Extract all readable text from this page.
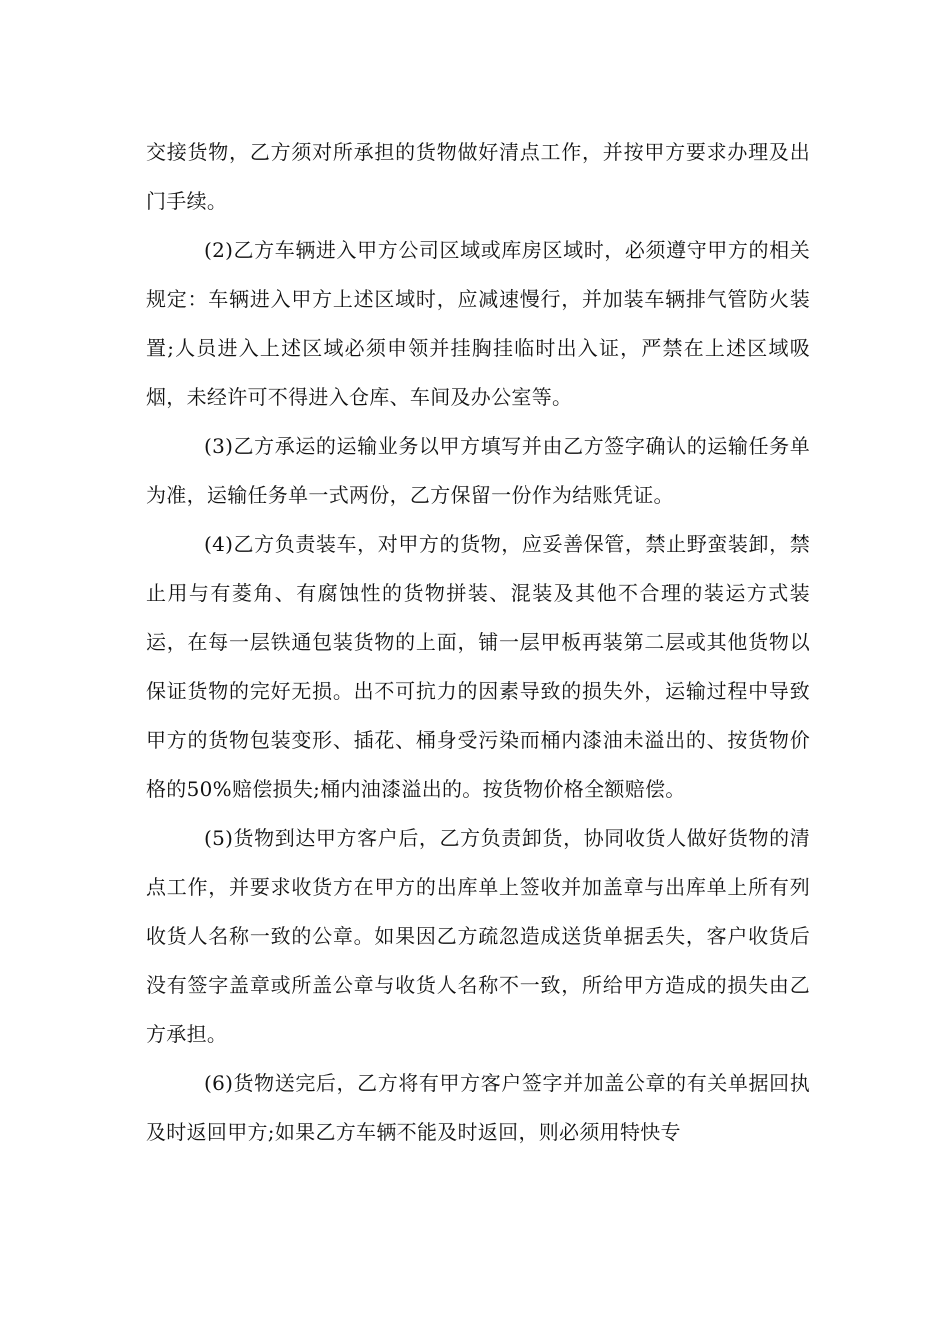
交接货物，乙方须对所承担的货物做好清点工作，并按甲方要求办理及出门手续。

(2)乙方车辆进入甲方公司区域或库房区域时，必须遵守甲方的相关规定：车辆进入甲方上述区域时，应减速慢行，并加装车辆排气管防火装置;人员进入上述区域必须申领并挂胸挂临时出入证，严禁在上述区域吸烟，未经许可不得进入仓库、车间及办公室等。

(3)乙方承运的运输业务以甲方填写并由乙方签字确认的运输任务单为准，运输任务单一式两份，乙方保留一份作为结账凭证。

(4)乙方负责装车，对甲方的货物，应妥善保管，禁止野蛮装卸，禁止用与有菱角、有腐蚀性的货物拼装、混装及其他不合理的装运方式装运，在每一层铁通包装货物的上面，铺一层甲板再装第二层或其他货物以保证货物的完好无损。出不可抗力的因素导致的损失外，运输过程中导致甲方的货物包装变形、插花、桶身受污染而桶内漆油未溢出的、按货物价格的50%赔偿损失;桶内油漆溢出的。按货物价格全额赔偿。

(5)货物到达甲方客户后，乙方负责卸货，协同收货人做好货物的清点工作，并要求收货方在甲方的出库单上签收并加盖章与出库单上所有列收货人名称一致的公章。如果因乙方疏忽造成送货单据丢失，客户收货后没有签字盖章或所盖公章与收货人名称不一致，所给甲方造成的损失由乙方承担。

(6)货物送完后，乙方将有甲方客户签字并加盖公章的有关单据回执及时返回甲方;如果乙方车辆不能及时返回，则必须用特快专
